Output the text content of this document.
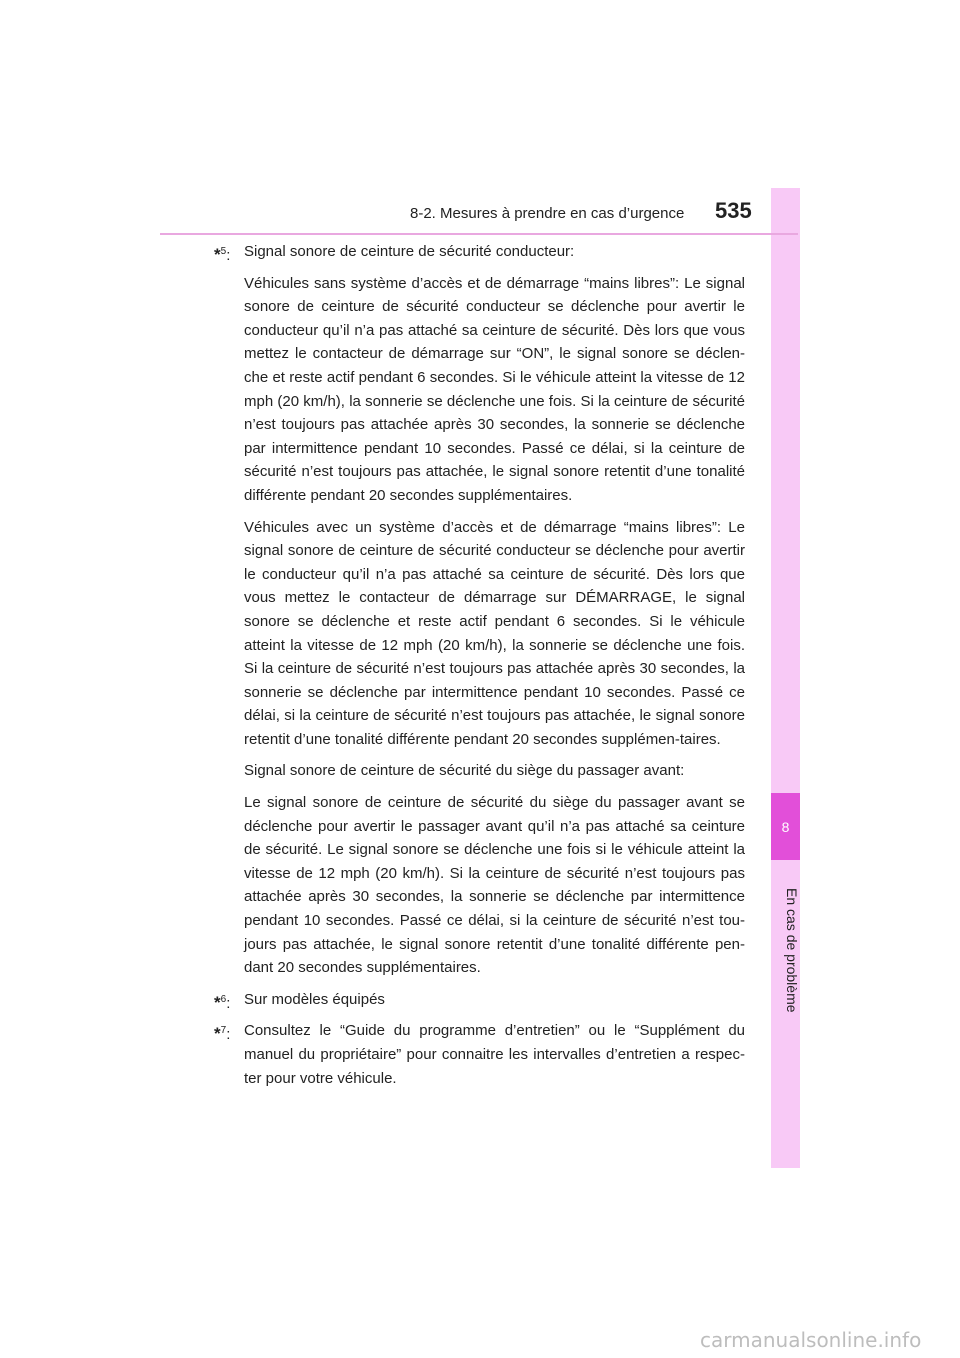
8
En cas de problème
8-2. Mesures à prendre en cas d’urgence 535
*$^5$: Signal sonore de ceinture de sécurité conducteur:

Véhicules sans système d’accès et de démarrage “mains libres”: Le signal sonore de ceinture de sécurité conducteur se déclenche pour avertir le conducteur qu’il n’a pas attaché sa ceinture de sécurité. Dès lors que vous mettez le contacteur de démarrage sur “ON”, le signal sonore se déclen-che et reste actif pendant 6 secondes. Si le véhicule atteint la vitesse de 12 mph (20 km/h), la sonnerie se déclenche une fois. Si la ceinture de sécurité n’est toujours pas attachée après 30 secondes, la sonnerie se déclenche par intermittence pendant 10 secondes. Passé ce délai, si la ceinture de sécurité n’est toujours pas attachée, le signal sonore retentit d’une tonalité différente pendant 20 secondes supplémentaires.

Véhicules avec un système d’accès et de démarrage “mains libres”: Le signal sonore de ceinture de sécurité conducteur se déclenche pour avertir le conducteur qu’il n’a pas attaché sa ceinture de sécurité. Dès lors que vous mettez le contacteur de démarrage sur DÉMARRAGE, le signal sonore se déclenche et reste actif pendant 6 secondes. Si le véhicule atteint la vitesse de 12 mph (20 km/h), la sonnerie se déclenche une fois. Si la ceinture de sécurité n’est toujours pas attachée après 30 secondes, la sonnerie se déclenche par intermittence pendant 10 secondes. Passé ce délai, si la ceinture de sécurité n’est toujours pas attachée, le signal sonore retentit d’une tonalité différente pendant 20 secondes supplémen-taires.

Signal sonore de ceinture de sécurité du siège du passager avant:

Le signal sonore de ceinture de sécurité du siège du passager avant se déclenche pour avertir le passager avant qu’il n’a pas attaché sa ceinture de sécurité. Le signal sonore se déclenche une fois si le véhicule atteint la vitesse de 12 mph (20 km/h). Si la ceinture de sécurité n’est toujours pas attachée après 30 secondes, la sonnerie se déclenche par intermittence pendant 10 secondes. Passé ce délai, si la ceinture de sécurité n’est tou-jours pas attachée, le signal sonore retentit d’une tonalité différente pen-dant 20 secondes supplémentaires.

*$^6$: Sur modèles équipés

*$^7$: Consultez le “Guide du programme d’entretien” ou le “Supplément du manuel du propriétaire” pour connaitre les intervalles d’entretien a respec-ter pour votre véhicule.

carmanualsonline.info
